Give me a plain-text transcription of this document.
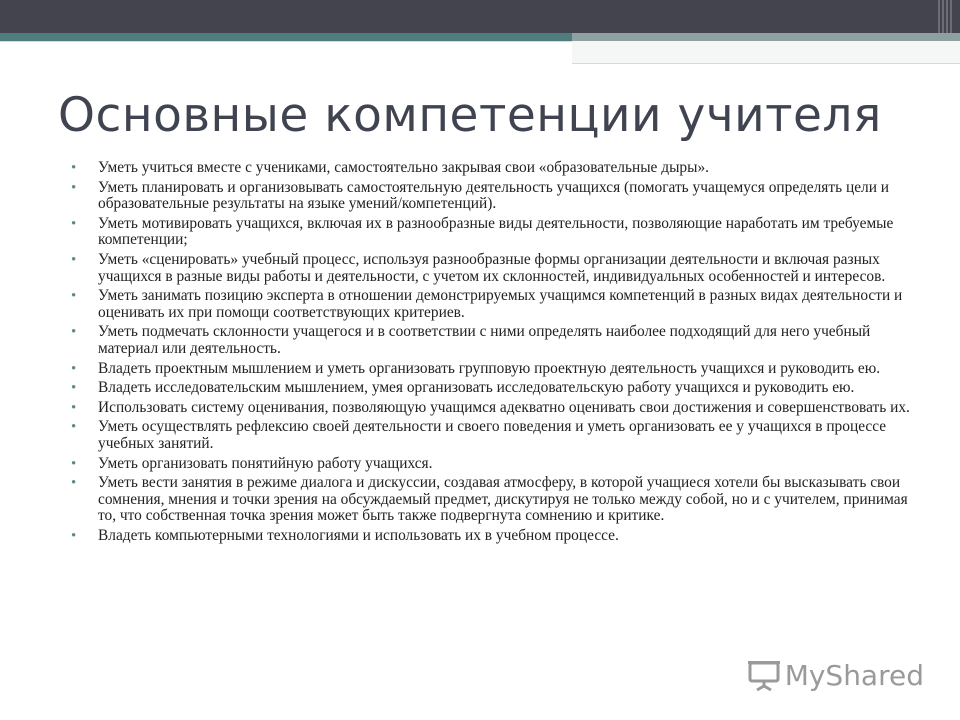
Основные компетенции учителя
• Уметь учиться вместе с учениками, самостоятельно закрывая свои «образовательные дыры».
• Уметь планировать и организовывать самостоятельную деятельность учащихся (помогать учащемуся определять цели и образовательные результаты на языке умений/компетенций).
• Уметь мотивировать учащихся, включая их в разнообразные виды деятельности, позволяющие наработать им требуемые компетенции;
• Уметь «сценировать» учебный процесс, используя разнообразные формы организации деятельности и включая разных учащихся в разные виды работы и деятельности, с учетом их склонностей, индивидуальных особенностей и интересов.
• Уметь занимать позицию эксперта в отношении демонстрируемых учащимся компетенций в разных видах деятельности и оценивать их при помощи соответствующих критериев.
• Уметь подмечать склонности учащегося и в соответствии с ними определять наиболее подходящий для него учебный материал или деятельность.
• Владеть проектным мышлением и уметь организовать групповую проектную деятельность учащихся и руководить ею.
• Владеть исследовательским мышлением, умея организовать исследовательскую работу учащихся и руководить ею.
• Использовать систему оценивания, позволяющую учащимся адекватно оценивать свои достижения и совершенствовать их.
• Уметь осуществлять рефлексию своей деятельности и своего поведения и уметь организовать ее у учащихся в процессе учебных занятий.
• Уметь организовать понятийную работу учащихся.
• Уметь вести занятия в режиме диалога и дискуссии, создавая атмосферу, в которой учащиеся хотели бы высказывать свои сомнения, мнения и точки зрения на обсуждаемый предмет, дискутируя не только между собой, но и с учителем, принимая то, что собственная точка зрения может быть также подвергнута сомнению и критике.
• Владеть компьютерными технологиями и использовать их в учебном процессе.
MyShared
